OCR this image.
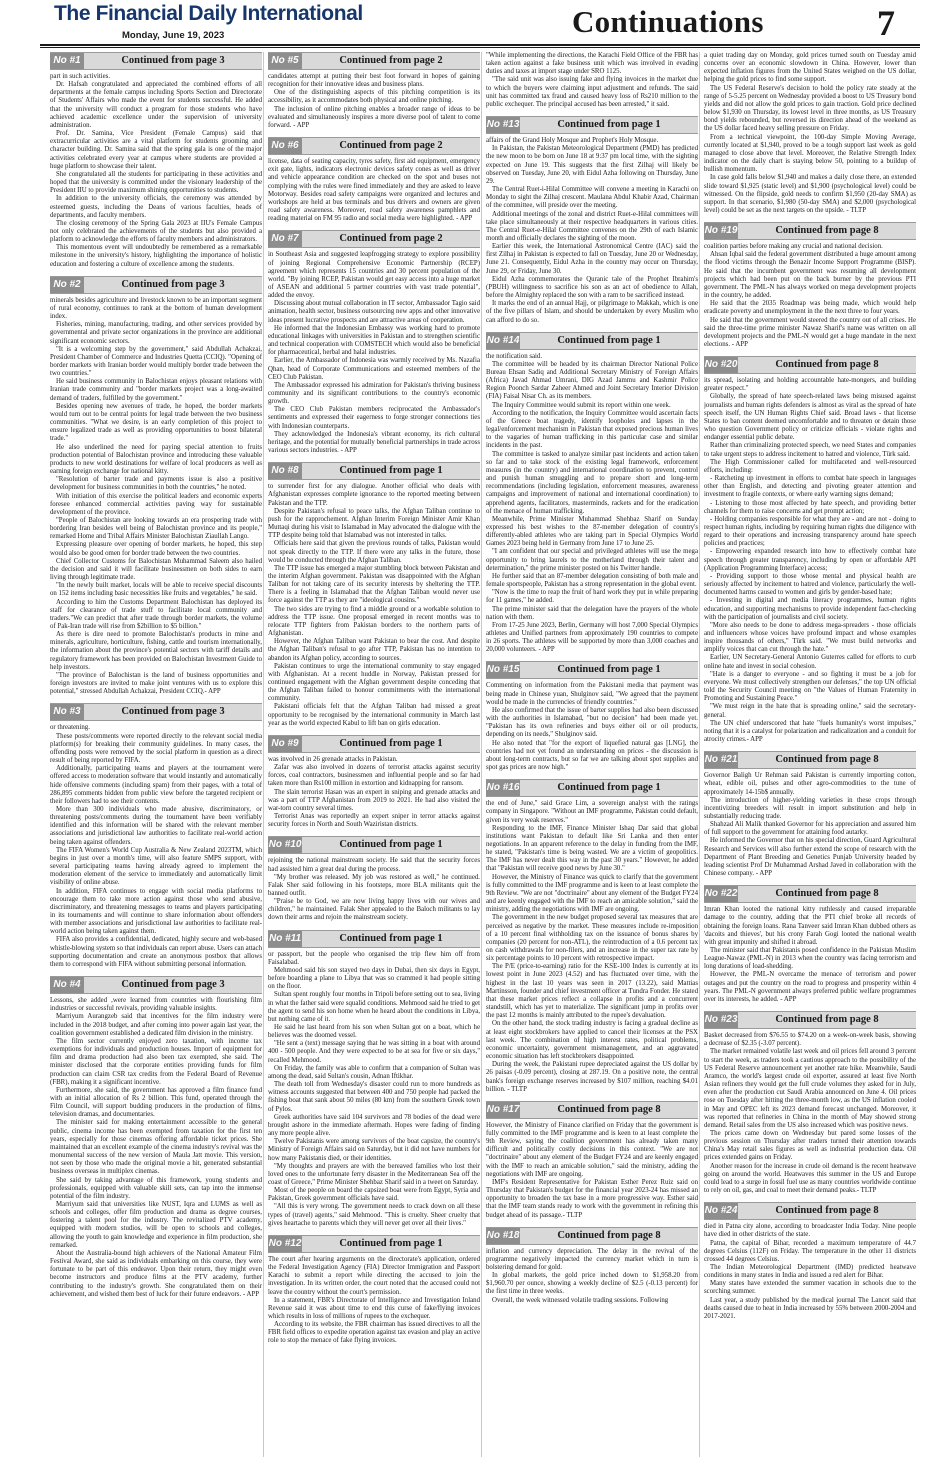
The Financial Daily International
Monday, June 19, 2023	Continuations	7
No #1	Continued from page 3

part in such activities.

Dr. Hafsah congratulated and appreciated the combined efforts of all departments at the female campus including Sports Section and Directorate of Students' Affairs who made the event for students successful. He added that the university will conduct a program for those students who have achieved academic excellence under the supervision of university administration.

Prof. Dr. Samina, Vice President (Female Campus) said that extracurricular activities are a vital platform for students grooming and character building. Dr. Samina said that the spring gala is one of the major activities celebrated every year at campus where students are provided a huge platform to showcase their talent.

She congratulated all the students for participating in these activities and hoped that the university is committed under the visionary leadership of the President IIU to provide maximum shining opportunities to students.

In addition to the university officials, the ceremony was attended by esteemed guests, including the Deans of various faculties, heads of departments, and faculty members.

The closing ceremony of the Spring Gala 2023 at IIU's Female Campus not only celebrated the achievements of the students but also provided a platform to acknowledge the efforts of faculty members and administrators.

This momentous event will undoubtedly be remembered as a remarkable milestone in the university's history, highlighting the importance of holistic education and fostering a culture of excellence among the students.

No #2	Continued from page 3

minerals besides agriculture and livestock known to be an important segment of rural economy, continues to rank at the bottom of human development index.

Fisheries, mining, manufacturing, trading, and other services provided by governmental and private sector organizations in the province are additional significant economic sectors.

"It is a welcoming step by the government," said Abdullah Achakzai, President Chamber of Commerce and Industries Quetta (CCIQ). "Opening of border markets with Iranian border would multiply border trade between the two countries."

He said business community in Balochistan enjoys pleasant relations with Iranian trade community and "border markets project was a long-awaited demand of traders, fulfilled by the government."

Besides opening new avenues of trade, he hoped, the border markets would turn out to be central points for legal trade between the two business communities. "What we desire, is an early completion of this project to ensure legalized trade as well as providing opportunities to boost bilateral trade."

He also underlined the need for paying special attention to fruits production potential of Balochistan province and introducing these valuable products to new world destinations for welfare of local producers as well as earning foreign exchange for national kitty.

"Resolution of barter trade and payments issue is also a positive development for business communities in both the countries," he noted.

With initiation of this exercise the political leaders and economic experts foresee enhanced commercial activities paving way for sustainable development of the province.

"People of Balochistan are looking towards an era prospering trade with bordering Iran besides well being of Balochistan province and its people," remarked Home and Tribal Affairs Minister Balochistan Ziaullah Lango.

Expressing pleasure over opening of border markets, he hoped, this step would also be good omen for border trade between the two countries.

Chief Collector Customs for Balochistan Muhammad Saleem also hailed the decision and said it will facilitate businessmen on both sides to earn living through legitimate trade.

"In the newly built market, locals will be able to receive special discounts on 152 items including basic necessities like fruits and vegetables," he said.

According to him the Customs Department Balochistan has deployed its staff for clearance of trade stuff to facilitate local community and traders."We can predict that after trade through border markets, the volume of Pak-Iran trade will rise from $2billion to $5 billion."

As there is dire need to promote Balochistan's products in mine and minerals, agriculture, horticulture, fishing, cattle and tourism internationally, the information about the province's potential sectors with tariff details and regulatory framework has been provided on Balochistan Investment Guide to help investors.

"The province of Balochistan is the land of business opportunities and foreign investors are invited to make joint ventures with us to explore this potential," stressed Abdullah Achakzai, President CCIQ.- APP

No #3	Continued from page 3

or threatening.

These posts/comments were reported directly to the relevant social media platform(s) for breaking their community guidelines. In many cases, the offending posts were removed by the social platform in question as a direct result of being reported by FIFA.

Additionally, participating teams and players at the tournament were offered access to moderation software that would instantly and automatically hide offensive comments (including spam) from their pages, with a total of 286,895 comments hidden from public view before the targeted recipient or their followers had to see their contents.

More than 300 individuals who made abusive, discriminatory, or threatening posts/comments during the tournament have been verifiably identified and this information will be shared with the relevant member associations and jurisdictional law authorities to facilitate real-world action being taken against offenders.

The FIFA Women's World Cup Australia & New Zealand 2023TM, which begins in just over a month's time, will also feature SMPS support, with several participating teams having already agreed to implement the moderation element of the service to immediately and automatically limit visibility of online abuse.

In addition, FIFA continues to engage with social media platforms to encourage them to take more action against those who send abusive, discriminatory, and threatening messages to teams and players participating in its tournaments and will continue to share information about offenders with member associations and jurisdictional law authorities to facilitate real-world action being taken against them.

FIFA also provides a confidential, dedicated, highly secure and web-based whistle-blowing system so that individuals can report abuse. Users can attach supporting documentation and create an anonymous postbox that allows them to correspond with FIFA without submitting personal information.

No #4	Continued from page 3

Lessons, she added ,were learned from countries with flourishing film industries or successful revivals, providing valuable insights.

Marriyum Aurangzeb said that incentives for the film industry were included in the 2018 budget, and after coming into power again last year, the coalition government established a dedicated film division in the ministry.

The film sector currently enjoyed zero taxation, with income tax exemptions for individuals and production houses. Import of equipment for film and drama production had also been tax exempted, she said. The minister disclosed that the corporate entities providing funds for film production can claim CSR tax credits from the Federal Board of Revenue (FBR), making it a significant incentive.

Furthermore, she said, the government has approved a film finance fund with an initial allocation of Rs 2 billion. This fund, operated through the Film Council, will support budding producers in the production of films, television dramas, and documentaries.

The minister said for making entertainment accessible to the general public, cinema income has been exempted from taxation for the first ten years, especially for those cinemas offering affordable ticket prices. She maintained that an excellent example of the cinema industry's revival was the monumental success of the new version of Maula Jatt movie. This version, not seen by those who made the original movie a hit, generated substantial business overseas in multiplex cinemas.

She said by taking advantage of this framework, young students and professionals, equipped with valuable skill sets, can tap into the immense potential of the film industry.

Marriyum said that universities like NUST, Iqra and LUMS as well as schools and colleges, offer film production and drama as degree courses, fostering a talent pool for the industry. The revitalized PTV academy, equipped with modern studios, will be open to schools and colleges, allowing the youth to gain knowledge and experience in film production, she remarked.

About the Australia-bound high achievers of the National Amateur Film Festival Award, she said as individuals embarking on this course, they were fortunate to be part of this endeavor. Upon their return, they might even become instructors and produce films at the PTV academy, further contributing to the industry's growth. She congratulated them on their achievement, and wished them best of luck for their future endeavors. - APP

No #5	Continued from page 2

candidates attempt at putting their best foot forward in hopes of gaining recognition for their innovative ideas and business plans.

One of the distinguishing aspects of this pitching competition is its accessibility, as it accommodates both physical and online pitching.

The inclusion of online pitching enables a broader range of ideas to be evaluated and simultaneously inspires a more diverse pool of talent to come forward. - APP

No #6	Continued from page 2

license, data of seating capacity, tyres safety, first aid equipment, emergency exit gate, lights, indicators electronic devices safety cones as well as driver and vehicle appearance condition are checked on the spot and buses not complying with the rules were fined immediately and they are asked to leave Motorway. Besides road safety campaigns were organized and lectures and workshops are held at bus terminals and bus drivers and owners are given road safety awareness. Moreover, road safety awareness pamphlets and reading material on FM 95 radio and social media were highlighted. - APP

No #7	Continued from page 2

in Southeast Asia and suggested leapfrogging strategy to explore possibility of joining Regional Comprehensive Economic Partnership (RCEP) agreement which represents 15 countries and 30 percent population of the world. "By joining RCEP, Pakistan would get easy access into a huge market of ASEAN and additional 5 partner countries with vast trade potential", added the envoy.

Discussing about mutual collaboration in IT sector, Ambassador Tagio said animation, health sector, business outsourcing new apps and other innovative ideas present lucrative prospects and are attractive areas of cooperation.

He informed that the Indonesian Embassy was working hard to promote educational linkages with universities in Pakistan and to strengthen scientific and technical cooperation with COMSTECH which would also be beneficial for pharmaceutical, herbal and halal industries.

Earlier, the Ambassador of Indonesia was warmly received by Ms. Nazafia Qhan, head of Corporate Communications and esteemed members of the CEO Club Pakistan.

The Ambassador expressed his admiration for Pakistan's thriving business community and its significant contributions to the country's economic growth.

The CEO Club Pakistan members reciprocated the Ambassador's sentiments and expressed their eagerness to forge stronger connections ties with Indonesian counterparts.

They acknowledged the Indonesia's vibrant economy, its rich cultural heritage, and the potential for mutually beneficial partnerships in trade across various sectors industries. - APP

No #8	Continued from page 1

to surrender first for any dialogue. Another official who deals with Afghanistan expresses complete ignorance to the reported meeting between Pakistan and the TTP.

Despite Pakistan's refusal to peace talks, the Afghan Taliban continue to push for the rapprochement. Afghan Interim Foreign Minister Amir Khan Muttaqi during his visit to Islamabad in May advocated the dialogue with the TTP despite being told that Islamabad was not interested in talks.

Officials here said that given the previous rounds of talks, Pakistan would not speak directly to the TTP. If there were any talks in the future, those would be conducted through the Afghan Taliban.

The TTP issue has emerged a major stumbling block between Pakistan and the interim Afghan government. Pakistan was disappointed with the Afghan Taliban for not taking care of its security interests by sheltering the TTP. There is a feeling in Islamabad that the Afghan Taliban would never use force against the TTP as they are "ideological cousins."

The two sides are trying to find a middle ground or a workable solution to address the TTP issue. One proposal emerged in recent months was to relocate TTP fighters from Pakistan borders to the northern parts of Afghanistan.

However, the Afghan Taliban want Pakistan to bear the cost. And despite the Afghan Taliban's refusal to go after TTP, Pakistan has no intention to abandon its Afghan policy, according to sources.

Pakistan continues to urge the international community to stay engaged with Afghanistan. At a recent huddle in Norway, Pakistan pressed for continued engagement with the Afghan government despite conceding that the Afghan Taliban failed to honour commitments with the international community.

Pakistani officials felt that the Afghan Taliban had missed a great opportunity to be recognised by the international community in March last year as the world expected Kabul to lift ban on girls education.

No #9	Continued from page 1

was involved in 26 grenade attacks in Pakistan.

Zafar was also involved in dozens of terrorist attacks against security forces, coal contractors, businessmen and influential people and so far had taken more than Rs100 million in extortion and kidnapping for ransom.

The slain terrorist Hasan was an expert in sniping and grenade attacks and was a part of TTP Afghanistan from 2019 to 2021. He had also visited the war-torn country several times.

Terrorist Anas was reportedly an expert sniper in terror attacks against security forces in North and South Waziristan districts.

No #10	Continued from page 1

rejoining the national mainstream society. He said that the security forces had assisted him a great deal during the process.

"My brother was released. My job was restored as well," he continued. Falak Sher said following in his footsteps, more BLA militants quit the banned outfit.

"Praise be to God, we are now living happy lives with our wives and children," he maintained. Falak Sher appealed to the Baloch militants to lay down their arms and rejoin the mainstream society.

No #11	Continued from page 1

or passport, but the people who organised the trip flew him off from Faisalabad.

Mehmood said his son stayed two days in Dubai, then six days in Egypt, before boarding a plane to Libya that was so crammed it had people sitting on the floor.

Sultan spent roughly four months in Tripoli before setting out to sea, living in what the father said were squalid conditions. Mehmood said he tried to get the agent to send his son home when he heard about the conditions in Libya, but nothing came of it.

He said he last heard from his son when Sultan got on a boat, which he believes was the doomed vessel.

"He sent a (text) message saying that he was sitting in a boat with around 400 - 500 people. And they were expected to be at sea for five or six days," recalled Mehmood.

On Friday, the family was able to confirm that a companion of Sultan was among the dead, said Sultan's cousin, Adnan Iftikhar.

The death toll from Wednesday's disaster could run to more hundreds as witness accounts suggested that between 400 and 750 people had packed the fishing boat that sank about 50 miles (80 km) from the southern Greek town of Pylos.

Greek authorities have said 104 survivors and 78 bodies of the dead were brought ashore in the immediate aftermath. Hopes were fading of finding any more people alive.

Twelve Pakistanis were among survivors of the boat capsize, the country's Ministry of Foreign Affairs said on Saturday, but it did not have numbers for how many Pakistanis died, or their identities.

"My thoughts and prayers are with the bereaved families who lost their loved ones to the unfortunate ferry disaster in the Mediterranean Sea off the coast of Greece," Prime Minister Shehbaz Sharif said in a tweet on Saturday.

Most of the people on board the capsized boat were from Egypt, Syria and Pakistan, Greek government officials have said.

"All this is very wrong. The government needs to crack down on all these types of (travel) agents," said Mehmood. "This is cruelty. Sheer cruelty that gives heartache to parents which they will never get over all their lives."

No #12	Continued from page 1

The court after hearing arguments on the directorate's application, ordered the Federal Investigation Agency (FIA) Director Immigration and Passport Karachi to submit a report while directing the accused to join the investigation. In its written order, the court noted that the accused could not leave the country without the court's permission.

In a statement, FBR's Directorate of Intelligence and Investigation Inland Revenue said it was about time to end this curse of fake/flying invoices which results in loss of millions of rupees to the exchequer.

According to its website, the FBR chairman has issued directives to all the FBR field offices to expedite operation against tax evasion and play an active role to stop the menace of fake flying invoices.

"While implementing the directions, the Karachi Field Office of the FBR has taken action against a fake business unit which was involved in evading duties and taxes at import stage under SRO 1125.

"The said unit was also issuing fake and flying invoices in the market due to which the buyers were claiming input adjustment and refunds. The said unit has committed tax fraud and caused heavy loss of Rs210 million to the public exchequer. The principal accused has been arrested," it said.

No #13	Continued from page 1

affairs of the Grand Holy Mosque and Prophet's Holy Mosque.

In Pakistan, the Pakistan Meteorological Department (PMD) has predicted the new moon to be born on June 18 at 9:37 pm local time, with the sighting expected on June 19. This suggests that the first Zilhaj will likely be observed on Tuesday, June 20, with Eidul Azha following on Thursday, June 29.

The Central Ruet-i-Hilal Committee will convene a meeting in Karachi on Monday to sight the Zilhaj crescent. Maulana Abdul Khabir Azad, Chairman of the committee, will preside over the meeting.

Additional meetings of the zonal and district Ruet-e-Hilal committees will take place simultaneously at their respective headquarters in various cities. The Central Ruet-e-Hilal Committee convenes on the 29th of each Islamic month and officially declares the sighting of the moon.

Earlier this week, the International Astronomical Centre (IAC) said the first Zilhaj in Pakistan is expected to fall on Tuesday, June 20 or Wednesday, June 21. Consequently, Eidul Azha in the country may occur on Thursday, June 29, or Friday, June 30.

Eidul Azha commemorates the Quranic tale of the Prophet Ibrahim's (PBUH) willingness to sacrifice his son as an act of obedience to Allah, before the Almighty replaced the son with a ram to be sacrificed instead.

It marks the end of an annual Hajj, or pilgrimage to Makkah, which is one of the five pillars of Islam, and should be undertaken by every Muslim who can afford to do so.

No #14	Continued from page 1

the notification said.

The committee will be headed by its chairman Director National Police Bureau Ehsan Sadiq and Additional Secretary Ministry of Foreign Affairs (Africa) Javad Ahmad Umrani, DIG Azad Jammu and Kashmir Police Region Poonch Sardar Zaheer Ahmed and Joint Secretary Interior Division (FIA) Faisal Nisar Ch. as its members.

The Inquiry Committee would submit its report within one week.

According to the notification, the Inquiry Committee would ascertain facts of the Greece boat tragedy, identify loopholes and lapses in the legal/enforcement mechanism in Pakistan that exposed precious human lives to the vagaries of human trafficking in this particular case and similar incidents in the past.

The committee is tasked to analyze similar past incidents and action taken so far and to take stock of the existing legal framework, enforcement measures (in the country) and international coordination to prevent, control and punish human smuggling and to prepare short and long-term recommendations (including legislation, enforcement measures, awareness campaigns and improvement of national and international coordination) to apprehend agents, facilitators, masterminds, rackets and for the eradication of the menace of human trafficking.

Meanwhile, Prime Minister Muhammad Shehbaz Sharif on Sunday expressed his best wishes to the 87-member delegation of country's differently-abled athletes who are taking part in Special Olympics World Games 2023 being held in Germany from June 17 to June 25.

"I am confident that our special and privileged athletes will use the mega opportunity to bring laurels to the motherland through their talent and determination," the prime minister posted on his Twitter handle.

He further said that an 87-member delegation consisting of both male and female sportspeople, Pakistan has a strong representation in the global event.

"Now is the time to reap the fruit of hard work they put in while preparing for 11 games," he added.

The prime minister said that the delegation have the prayers of the whole nation with them.

From 17-25 June 2023, Berlin, Germany will host 7,000 Special Olympics athletes and Unified partners from approximately 190 countries to compete in 26 sports. The athletes will be supported by more than 3,000 coaches and 20,000 volunteers. - APP

No #15	Continued from page 1

Commenting on information from the Pakistani media that payment was being made in Chinese yuan, Shulginov said, "We agreed that the payment would be made in the currencies of friendly countries."

He also confirmed that the issue of barter supplies had also been discussed with the authorities in Islamabad, "but no decision" had been made yet. "Pakistan has its own refineries and buys either oil or oil products, depending on its needs," Shulginov said.

He also noted that "for the export of liquefied natural gas [LNG], the countries had not yet found an understanding on prices - the discussion is about long-term contracts, but so far we are talking about spot supplies and spot gas prices are now high."

No #16	Continued from page 1

the end of June," said Grace Lim, a sovereign analyst with the ratings company in Singapore. "Without an IMF programme, Pakistan could default, given its very weak reserves."

Responding to the IMF, Finance Minister Ishaq Dar said that global institutions want Pakistan to default like Sri Lanka and then enter negotiations. In an apparent reference to the delay in funding from the IMF, he stated, "Pakistan's time is being wasted. We are a victim of geopolitics. The IMF has never dealt this way in the past 30 years." However, he added that "Pakistan will receive good news by June 30."

However, the Ministry of Finance was quick to clarify that the government is fully committed to the IMF programme and is keen to at least complete the 9th Review. "We are not "doctrinaire" about any element of the Budget FY24 and are keenly engaged with the IMF to reach an amicable solution," said the ministry, adding the negotiations with IMF are ongoing.

The government in the new budget proposed several tax measures that are perceived as negative by the market. These measures include re-imposition of a 10 percent final withholding tax on the issuance of bonus shares by companies (20 percent for non-ATL), the reintroduction of a 0.6 percent tax on cash withdrawals for non-filers, and an increase in the super tax rate by six percentage points to 10 percent with retrospective impact.

The P/E (price-to-earning) ratio for the KSE-100 Index is currently at its lowest point in June 2023 (4.52) and has fluctuated over time, with the highest in the last 10 years was seen in 2017 (13.22), said Mattias Martinsson, founder and chief investment officer at Tundra Fonder. He stated that these market prices reflect a collapse in profits and a concurrent standstill, which has yet to materialize. The significant jump in profits over the past 12 months is mainly attributed to the rupee's devaluation.

On the other hand, the stock trading industry is facing a gradual decline as at least eight stockbrokers have applied to cancel their licenses at the PSX last week. The combination of high interest rates, political problems, economic uncertainty, government mismanagement, and an aggravated economic situation has left stockbrokers disappointed.

During the week, the Pakistani rupee depreciated against the US dollar by 26 paisas (-0.09 percent), closing at 287.19. On a positive note, the central bank's foreign exchange reserves increased by $107 million, reaching $4.01 billion. - TLTP

No #17	Continued from page 8

However, the Ministry of Finance clarified on Friday that the government is fully committed to the IMF programme and is keen to at least complete the 9th Review, saying the coalition government has already taken many difficult and politically costly decisions in this context. "We are not "doctrinaire" about any element of the Budget FY24 and are keenly engaged with the IMF to reach an amicable solution," said the ministry, adding the negotiations with IMF are ongoing.

IMF's Resident Representative for Pakistan Esther Perez Ruiz said on Thursday that Pakistan's budget for the financial year 2023-24 has missed an opportunity to broaden the tax base in a more progressive way. Esther said that the IMF team stands ready to work with the government in refining this budget ahead of its passage.- TLTP

No #18	Continued from page 8

inflation and currency depreciation. The delay in the revival of the programme negatively impacted the currency market which in turn is bolstering demand for gold.

In global markets, the gold price inched down to $1,958.20 from $1,960.70 per ounce, showing a weekly decline of $2.5 (-0.13 percent) for the first time in three weeks.

Overall, the week witnessed volatile trading sessions. Following

a quiet trading day on Monday, gold prices turned south on Tuesday amid concerns over an economic slowdown in China. However, lower than expected inflation figures from the United States weighed on the US dollar, helping the gold prices to find some support.

The US Federal Reserve's decision to hold the policy rate steady at the range of 5-5.25 percent on Wednesday provided a boost to US Treasury bond yields and did not allow the gold prices to gain traction. Gold price declined below $1,930 on Thursday, its lowest level in three months, as US Treasury bond yields rebounded, but reversed its direction ahead of the weekend as the US dollar faced heavy selling pressure on Friday.

From a technical viewpoint, the 100-day Simple Moving Average, currently located at $1,940, proved to be a tough support last week as gold managed to close above that level. Moreover, the Relative Strength Index indicator on the daily chart is staying below 50, pointing to a buildup of bullish momentum.

In case gold falls below $1,940 and makes a daily close there, an extended slide toward $1,925 (static level) and $1,900 (psychological level) could be witnessed. On the flipside, gold needs to confirm $1,950 (20-day SMA) as support. In that scenario, $1,980 (50-day SMA) and $2,000 (psychological level) could be set as the next targets on the upside. - TLTP

No #19	Continued from page 8

coalition parties before making any crucial and national decision.

Ahsan Iqbal said the federal government distributed a huge amount among the flood victims through the Benazir Income Support Programme (BISP). He said that the incumbent government was resuming all development projects which had been put on the back burner by the previous PTI government. The PML-N has always worked on mega development projects in the country, he added.

He said that the 2035 Roadmap was being made, which would help eradicate poverty and unemployment in the the next three to four years.

He said that the government would steered the country out of all crises. He said the three-time prime minister Nawaz Sharif's name was written on all development projects and the PML-N would get a huge mandate in the next elections. - APP

No #20	Continued from page 8

its spread, isolating and holding accountable hate-mongers, and building greater respect."

Globally, the spread of hate speech-related laws being misused against journalists and human rights defenders is almost as viral as the spread of hate speech itself, the UN Human Rights Chief said. Broad laws - that license States to ban content deemed uncomfortable and to threaten or detain those who question Government policy or criticize officials - violate rights and endanger essential public debate.

Rather than criminalizing protected speech, we need States and companies to take urgent steps to address incitement to hatred and violence, Türk said.

The High Commissioner called for multifaceted and well-resourced efforts, including:

- Ratcheting up investment in efforts to combat hate speech in languages other than English, and detecting and pivoting greater attention and investment to fragile contexts, or where early warning signs demand;

- Listening to those most affected by hate speech, and providing better channels for them to raise concerns and get prompt action;

- Holding companies responsible for what they are - and are not - doing to respect human rights, including by requiring human rights due diligence with regard to their operations and increasing transparency around hate speech policies and practices;

- Empowering expanded research into how to effectively combat hate speech through greater transparency, including by open or affordable API (Application Programming Interface) access;

- Providing support to those whose mental and physical health are seriously affected by incitement to hatred and violence, particularly the well-documented harms caused to women and girls by gender-based hate;

- Investing in digital and media literacy programmes, human rights education, and supporting mechanisms to provide independent fact-checking with the participation of journalists and civil society.

"More also needs to be done to address mega-spreaders - those officials and influencers whose voices have profound impact and whose examples inspire thousands of others," Türk said. "We must build networks and amplify voices that can cut through the hate."

Earlier, UN Secretary-General Antonio Guterres called for efforts to curb online hate and invest in social cohesion.

"Hate is a danger to everyone - and so fighting it must be a job for everyone. We must collectively strengthen our defenses," the top UN official told the Security Council meeting on "the Values of Human Fraternity in Promoting and Sustaining Peace."

"We must reign in the hate that is spreading online," said the secretary-general.

The UN chief underscored that hate "fuels humanity's worst impulses," noting that it is a catalyst for polarization and radicalization and a conduit for atrocity crimes.- APP

No #21	Continued from page 8

Governor Baligh Ur Rehman said Pakistan is currently importing cotton, wheat, edible oil, pulses and other agro-commodities to the tune of approximately 14-15b$ annually.

The introduction of higher-yielding varieties in these crops through incentivizing breeders will result in import substitution and help in substantially reducing trade.

Shahzad Ali Malik thanked Governor for his appreciation and assured him of full support to the government for attaining food autarky.

He informed the Governor that on his special direction, Guard Agricultural Research and Services will also further extend the scope of research with the Department of Plant Breeding and Genetics Punjab University headed by leading scientist Prof Dr Muhammad Arshad Javed in collaboration with the Chinese company. - APP

No #22	Continued from page 8

Imran Khan looted the national kitty ruthlessly and caused irreparable damage to the country, adding that the PTI chief broke all records of obtaining the foreign loans. Rana Tanveer said Imran Khan dubbed others as 'dacoits and thieves', but his crony Farah Gogi looted the national wealth with great impunity and shifted it abroad.

The minister said that Pakistanis posed confidence in the Pakistan Muslim League-Nawaz (PML-N) in 2013 when the country was facing terrorism and long durations of load-shedding.

However, the PML-N overcame the menace of terrorism and power outages and put the country on the road to progress and prosperity within 4 years. The PML-N government always preferred public welfare programmes over its interests, he added. - APP

No #23	Continued from page 8

Basket decreased from $76.55 to $74.20 on a week-on-week basis, showing a decrease of $2.35 (-3.07 percent).

The market remained volatile last week and oil prices fell around 3 percent to start the week, as traders took a cautious approach to the possibility of the US Federal Reserve announcement yet another rate hike. Meanwhile, Saudi Aramco, the world's largest crude oil exporter, assured at least five North Asian refiners they would get the full crude volumes they asked for in July, even after the production cut Saudi Arabia announced on June 4. Oil prices rose on Tuesday after hitting the three-month low, as the US inflation cooled in May and OPEC left its 2023 demand forecast unchanged. Moreover, it was reported that refineries in China in the month of May showed strong demand. Retail sales from the US also increased which was positive news.

The prices came down on Wednesday but pared some losses of the previous session on Thursday after traders turned their attention towards China's May retail sales figures as well as industrial production data. Oil prices extended gains on Friday.

Another reason for the increase in crude oil demand is the recent heatwave going on around the world. Heatwaves this summer in the US and Europe could lead to a surge in fossil fuel use as many countries worldwide continue to rely on oil, gas, and coal to meet their demand peaks.- TLTP

No #24	Continued from page 8

died in Patna city alone, according to broadcaster India Today. Nine people have died in other districts of the state.

Patna, the capital of Bihar, recorded a maximum temperature of 44.7 degrees Celsius (112F) on Friday. The temperature in the other 11 districts crossed 44 degrees Celsius.

The Indian Meteorological Department (IMD) predicted heatwave conditions in many states in India and issued a red alert for Bihar.

Many states have extended the summer vacation in schools due to the scorching summer.

Last year, a study published by the medical journal The Lancet said that deaths caused due to heat in India increased by 55% between 2000-2004 and 2017-2021.
